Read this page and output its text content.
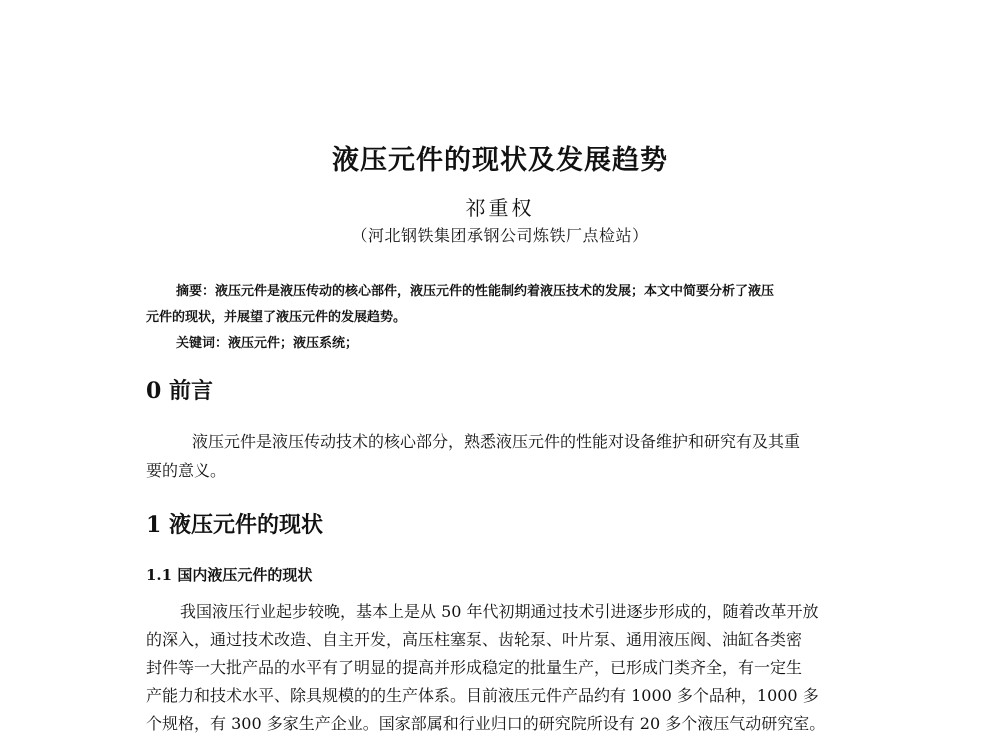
液压元件的现状及发展趋势
祁重权
（河北钢铁集团承钢公司炼铁厂点检站）
摘要：液压元件是液压传动的核心部件，液压元件的性能制约着液压技术的发展；本文中简要分析了液压
元件的现状，并展望了液压元件的发展趋势。
关键词：液压元件；液压系统；
0 前言
液压元件是液压传动技术的核心部分，熟悉液压元件的性能对设备维护和研究有及其重
要的意义。
1 液压元件的现状
1.1 国内液压元件的现状
我国液压行业起步较晚，基本上是从 50 年代初期通过技术引进逐步形成的，随着改革开放
的深入，通过技术改造、自主开发，高压柱塞泵、齿轮泵、叶片泵、通用液压阀、油缸各类密
封件等一大批产品的水平有了明显的提高并形成稳定的批量生产，已形成门类齐全，有一定生
产能力和技术水平、除具规模的的生产体系。目前液压元件产品约有 1000 多个品种，1000 多
个规格，有 300 多家生产企业。国家部属和行业归口的研究院所设有 20 多个液压气动研究室。
